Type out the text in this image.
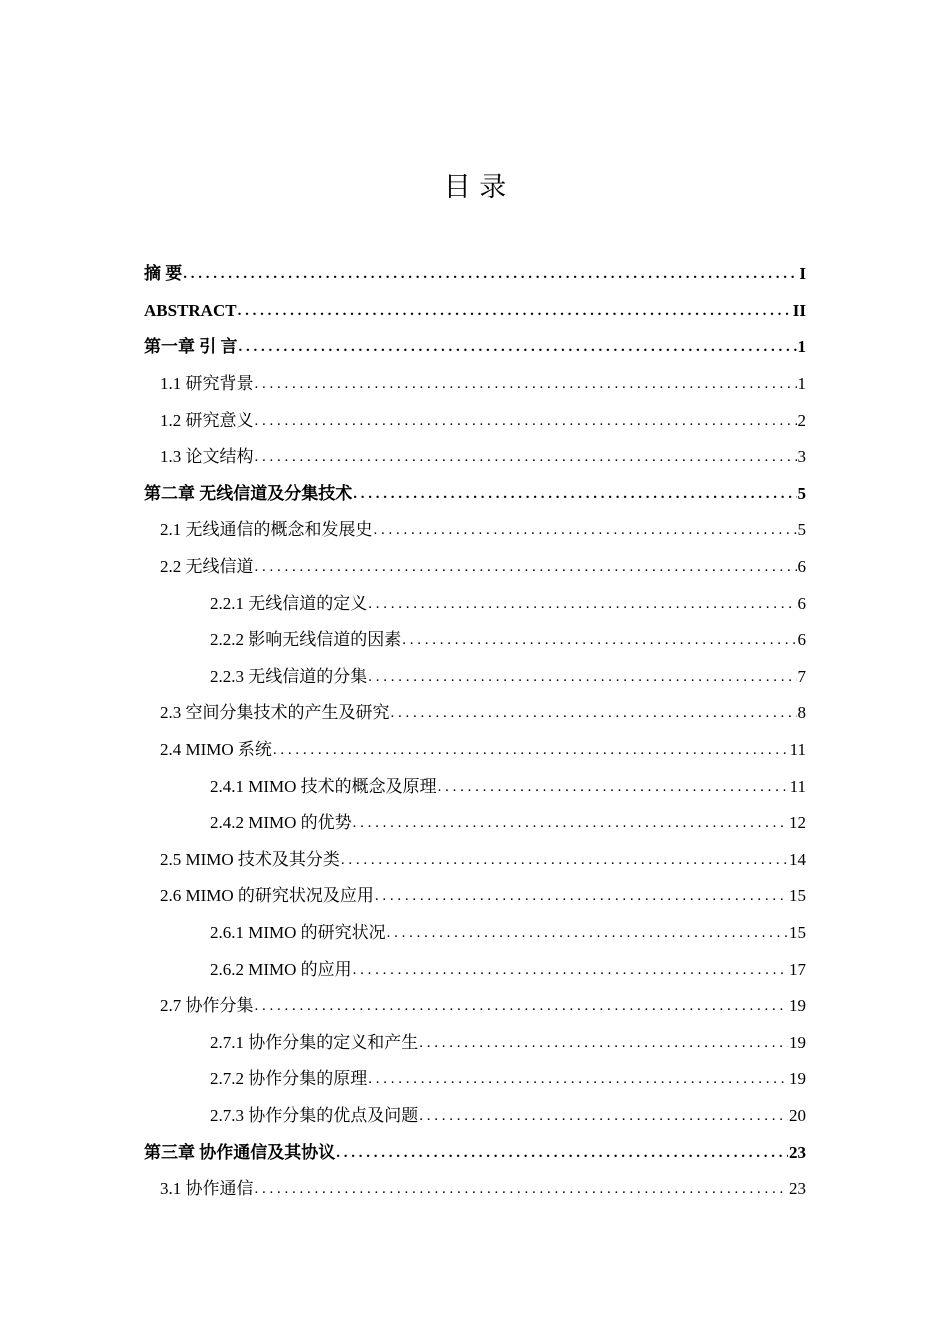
目 录
摘 要 . . .	I
ABSTRACT . . .	II
第一章 引 言 . . .	1
1.1 研究背景 . . .	1
1.2 研究意义 . . .	2
1.3 论文结构 . . .	3
第二章 无线信道及分集技术 . . .	5
2.1 无线通信的概念和发展史 . . .	5
2.2 无线信道 . . .	6
2.2.1 无线信道的定义 . . .	6
2.2.2 影响无线信道的因素 . . .	6
2.2.3 无线信道的分集 . . .	7
2.3 空间分集技术的产生及研究 . . .	8
2.4 MIMO 系统 . . .	11
2.4.1 MIMO 技术的概念及原理 . . .	11
2.4.2 MIMO 的优势 . . .	12
2.5 MIMO 技术及其分类 . . .	14
2.6 MIMO 的研究状况及应用 . . .	15
2.6.1 MIMO 的研究状况 . . .	15
2.6.2 MIMO 的应用 . . .	17
2.7 协作分集 . . .	19
2.7.1 协作分集的定义和产生 . . .	19
2.7.2 协作分集的原理 . . .	19
2.7.3 协作分集的优点及问题 . . .	20
第三章 协作通信及其协议 . . .	23
3.1 协作通信 . . .	23
